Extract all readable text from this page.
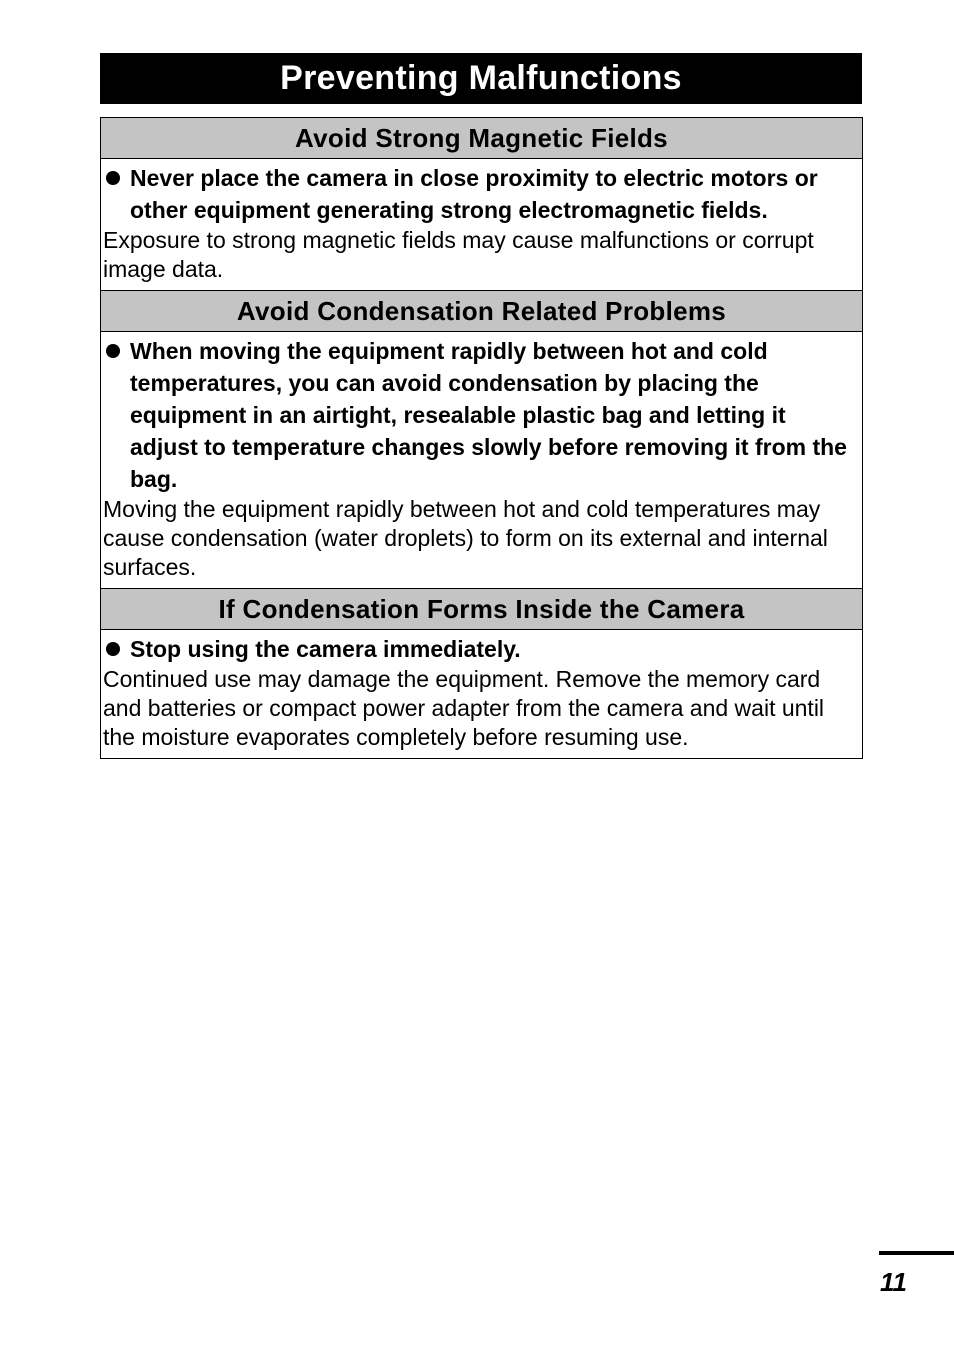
Preventing Malfunctions
Avoid Strong Magnetic Fields
Never place the camera in close proximity to electric motors or other equipment generating strong electromagnetic fields.
Exposure to strong magnetic fields may cause malfunctions or corrupt image data.
Avoid Condensation Related Problems
When moving the equipment rapidly between hot and cold temperatures, you can avoid condensation by placing the equipment in an airtight, resealable plastic bag and letting it adjust to temperature changes slowly before removing it from the bag.
Moving the equipment rapidly between hot and cold temperatures may cause condensation (water droplets) to form on its external and internal surfaces.
If Condensation Forms Inside the Camera
Stop using the camera immediately.
Continued use may damage the equipment. Remove the memory card and batteries or compact power adapter from the camera and wait until the moisture evaporates completely before resuming use.
11
